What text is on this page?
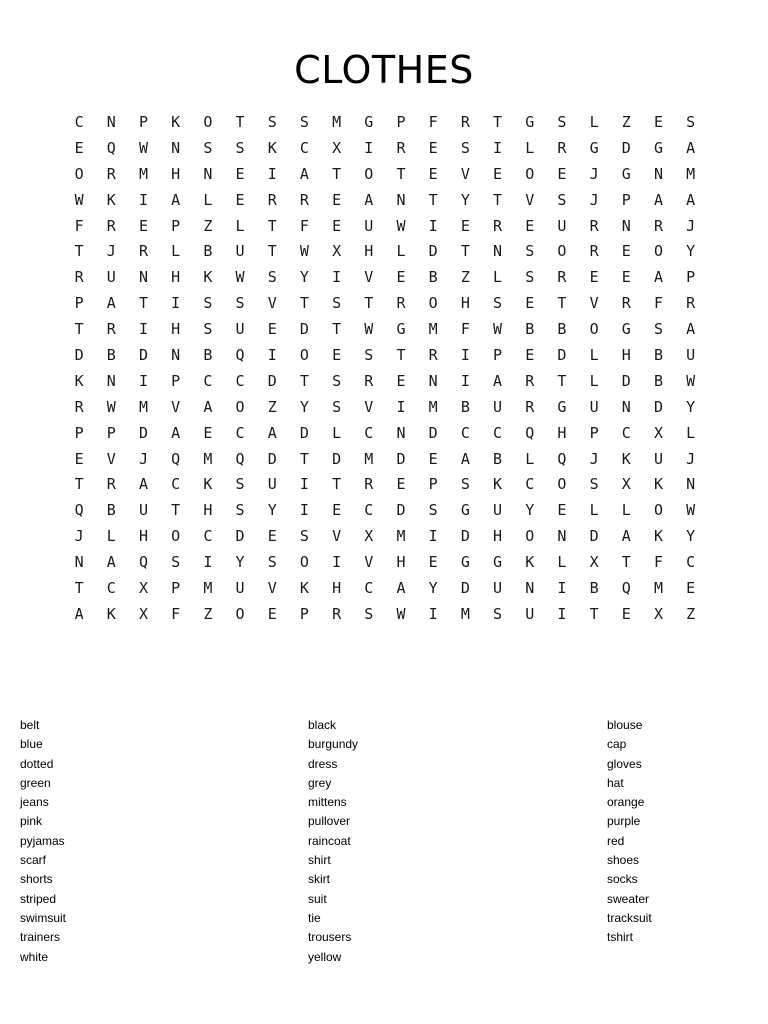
CLOTHES
C	N	P	K	O	T	S	S	M	G	P	F	R	T	G	S	L	Z	E	S
E	Q	W	N	S	S	K	C	X	I	R	E	S	I	L	R	G	D	G	A
O	R	M	H	N	E	I	A	T	O	T	E	V	E	O	E	J	G	N	M
W	K	I	A	L	E	R	R	E	A	N	T	Y	T	V	S	J	P	A	A
F	R	E	P	Z	L	T	F	E	U	W	I	E	R	E	U	R	N	R	J
T	J	R	L	B	U	T	W	X	H	L	D	T	N	S	O	R	E	O	Y
R	U	N	H	K	W	S	Y	I	V	E	B	Z	L	S	R	E	E	A	P
P	A	T	I	S	S	V	T	S	T	R	O	H	S	E	T	V	R	F	R
T	R	I	H	S	U	E	D	T	W	G	M	F	W	B	B	O	G	S	A
D	B	D	N	B	Q	I	O	E	S	T	R	I	P	E	D	L	H	B	U
K	N	I	P	C	C	D	T	S	R	E	N	I	A	R	T	L	D	B	W
R	W	M	V	A	O	Z	Y	S	V	I	M	B	U	R	G	U	N	D	Y
P	P	D	A	E	C	A	D	L	C	N	D	C	C	Q	H	P	C	X	L
E	V	J	Q	M	Q	D	T	D	M	D	E	A	B	L	Q	J	K	U	J
T	R	A	C	K	S	U	I	T	R	E	P	S	K	C	O	S	X	K	N
Q	B	U	T	H	S	Y	I	E	C	D	S	G	U	Y	E	L	L	O	W
J	L	H	O	C	D	E	S	V	X	M	I	D	H	O	N	D	A	K	Y
N	A	Q	S	I	Y	S	O	I	V	H	E	G	G	K	L	X	T	F	C
T	C	X	P	M	U	V	K	H	C	A	Y	D	U	N	I	B	Q	M	E
A	K	X	F	Z	O	E	P	R	S	W	I	M	S	U	I	T	E	X	Z
belt
blue
dotted
green
jeans
pink
pyjamas
scarf
shorts
striped
swimsuit
trainers
white
black
burgundy
dress
grey
mittens
pullover
raincoat
shirt
skirt
suit
tie
trousers
yellow
blouse
cap
gloves
hat
orange
purple
red
shoes
socks
sweater
tracksuit
tshirt
